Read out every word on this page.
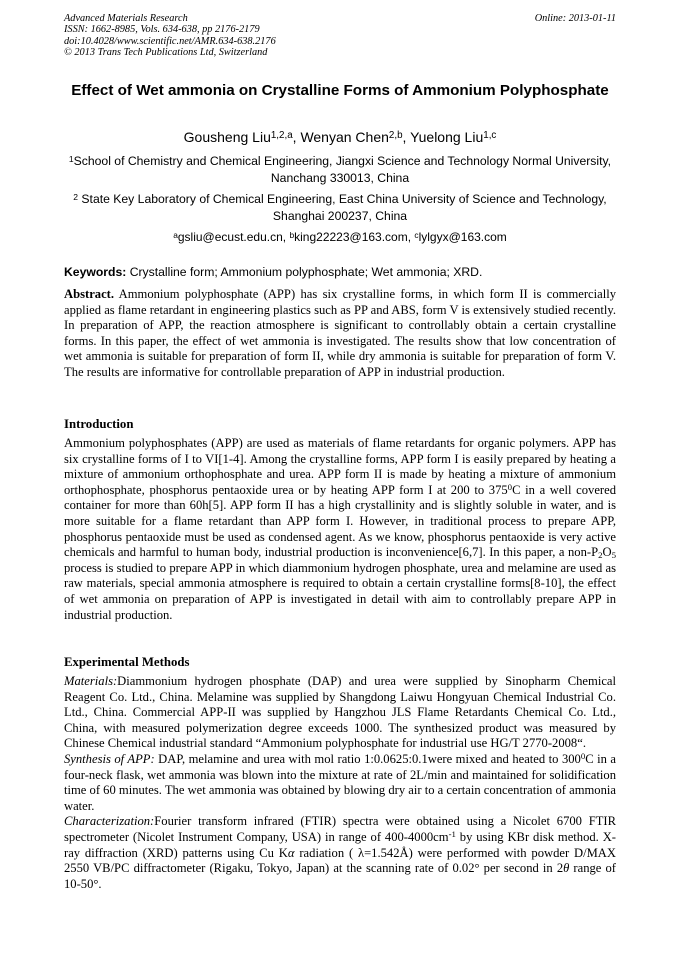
Advanced Materials Research
ISSN: 1662-8985, Vols. 634-638, pp 2176-2179
doi:10.4028/www.scientific.net/AMR.634-638.2176
© 2013 Trans Tech Publications Ltd, Switzerland
Online: 2013-01-11
Effect of Wet ammonia on Crystalline Forms of Ammonium Polyphosphate
Gousheng Liu$^{1,2,a}$, Wenyan Chen$^{2,b}$, Yuelong Liu$^{1,c}$
$^1$School of Chemistry and Chemical Engineering, Jiangxi Science and Technology Normal University, Nanchang 330013, China
$^2$ State Key Laboratory of Chemical Engineering, East China University of Science and Technology, Shanghai 200237, China
$^a$gsliu@ecust.edu.cn, $^b$king22223@163.com, $^c$lylgyx@163.com
Keywords: Crystalline form; Ammonium polyphosphate; Wet ammonia; XRD.

Abstract. Ammonium polyphosphate (APP) has six crystalline forms, in which form II is commercially applied as flame retardant in engineering plastics such as PP and ABS, form V is extensively studied recently. In preparation of APP, the reaction atmosphere is significant to controllably obtain a certain crystalline forms. In this paper, the effect of wet ammonia is investigated. The results show that low concentration of wet ammonia is suitable for preparation of form II, while dry ammonia is suitable for preparation of form V. The results are informative for controllable preparation of APP in industrial production.

Introduction

Ammonium polyphosphates (APP) are used as materials of flame retardants for organic polymers. APP has six crystalline forms of I to VI[1-4]. Among the crystalline forms, APP form I is easily prepared by heating a mixture of ammonium orthophosphate and urea. APP form II is made by heating a mixture of ammonium orthophosphate, phosphorus pentaoxide urea or by heating APP form I at 200 to $375^0C$ in a well covered container for more than 60h[5]. APP form II has a high crystallinity and is slightly soluble in water, and is more suitable for a flame retardant than APP form I. However, in traditional process to prepare APP, phosphorus pentaoxide must be used as condensed agent. As we know, phosphorus pentaoxide is very active chemicals and harmful to human body, industrial production is inconvenience[6,7]. In this paper, a non-$P_2O_5$ process is studied to prepare APP in which diammonium hydrogen phosphate, urea and melamine are used as raw materials, special ammonia atmosphere is required to obtain a certain crystalline forms[8-10], the effect of wet ammonia on preparation of APP is investigated in detail with aim to controllably prepare APP in industrial production.

Experimental Methods

Materials:Diammonium hydrogen phosphate (DAP) and urea were supplied by Sinopharm Chemical Reagent Co. Ltd., China. Melamine was supplied by Shangdong Laiwu Hongyuan Chemical Industrial Co. Ltd., China. Commercial APP-II was supplied by Hangzhou JLS Flame Retardants Chemical Co. Ltd., China, with measured polymerization degree exceeds 1000. The synthesized product was measured by Chinese Chemical industrial standard “Ammonium polyphosphate for industrial use HG/T 2770-2008“.

Synthesis of APP: DAP, melamine and urea with mol ratio 1:0.0625:0.1were mixed and heated to $300^0C$ in a four-neck flask, wet ammonia was blown into the mixture at rate of 2L/min and maintained for solidification time of 60 minutes. The wet ammonia was obtained by blowing dry air to a certain concentration of ammonia water.

Characterization:Fourier transform infrared (FTIR) spectra were obtained using a Nicolet 6700 FTIR spectrometer (Nicolet Instrument Company, USA) in range of $400-4000cm^{-1}$ by using KBr disk method. X-ray diffraction (XRD) patterns using Cu Kα radiation ( λ=1.542Å) were performed with powder D/MAX 2550 VB/PC diffractometer (Rigaku, Tokyo, Japan) at the scanning rate of 0.02° per second in 2θ range of 10-50°.
